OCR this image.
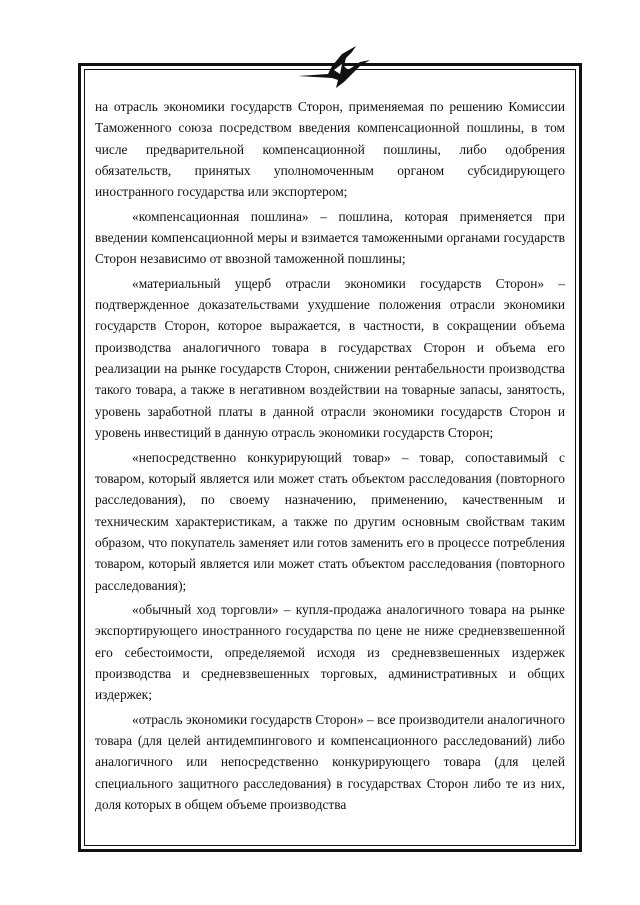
на отрасль экономики государств Сторон, применяемая по решению Комиссии Таможенного союза посредством введения компенсационной пошлины, в том числе предварительной компенсационной пошлины, либо одобрения обязательств, принятых уполномоченным органом субсидирующего иностранного государства или экспортером;

«компенсационная пошлина» – пошлина, которая применяется при введении компенсационной меры и взимается таможенными органами государств Сторон независимо от ввозной таможенной пошлины;

«материальный ущерб отрасли экономики государств Сторон» – подтвержденное доказательствами ухудшение положения отрасли экономики государств Сторон, которое выражается, в частности, в сокращении объема производства аналогичного товара в государствах Сторон и объема его реализации на рынке государств Сторон, снижении рентабельности производства такого товара, а также в негативном воздействии на товарные запасы, занятость, уровень заработной платы в данной отрасли экономики государств Сторон и уровень инвестиций в данную отрасль экономики государств Сторон;

«непосредственно конкурирующий товар» – товар, сопоставимый с товаром, который является или может стать объектом расследования (повторного расследования), по своему назначению, применению, качественным и техническим характеристикам, а также по другим основным свойствам таким образом, что покупатель заменяет или готов заменить его в процессе потребления товаром, который является или может стать объектом расследования (повторного расследования);

«обычный ход торговли» – купля-продажа аналогичного товара на рынке экспортирующего иностранного государства по цене не ниже средневзвешенной его себестоимости, определяемой исходя из средневзвешенных издержек производства и средневзвешенных торговых, административных и общих издержек;

«отрасль экономики государств Сторон» – все производители аналогичного товара (для целей антидемпингового и компенсационного расследований) либо аналогичного или непосредственно конкурирующего товара (для целей специального защитного расследования) в государствах Сторон либо те из них, доля которых в общем объеме производства
